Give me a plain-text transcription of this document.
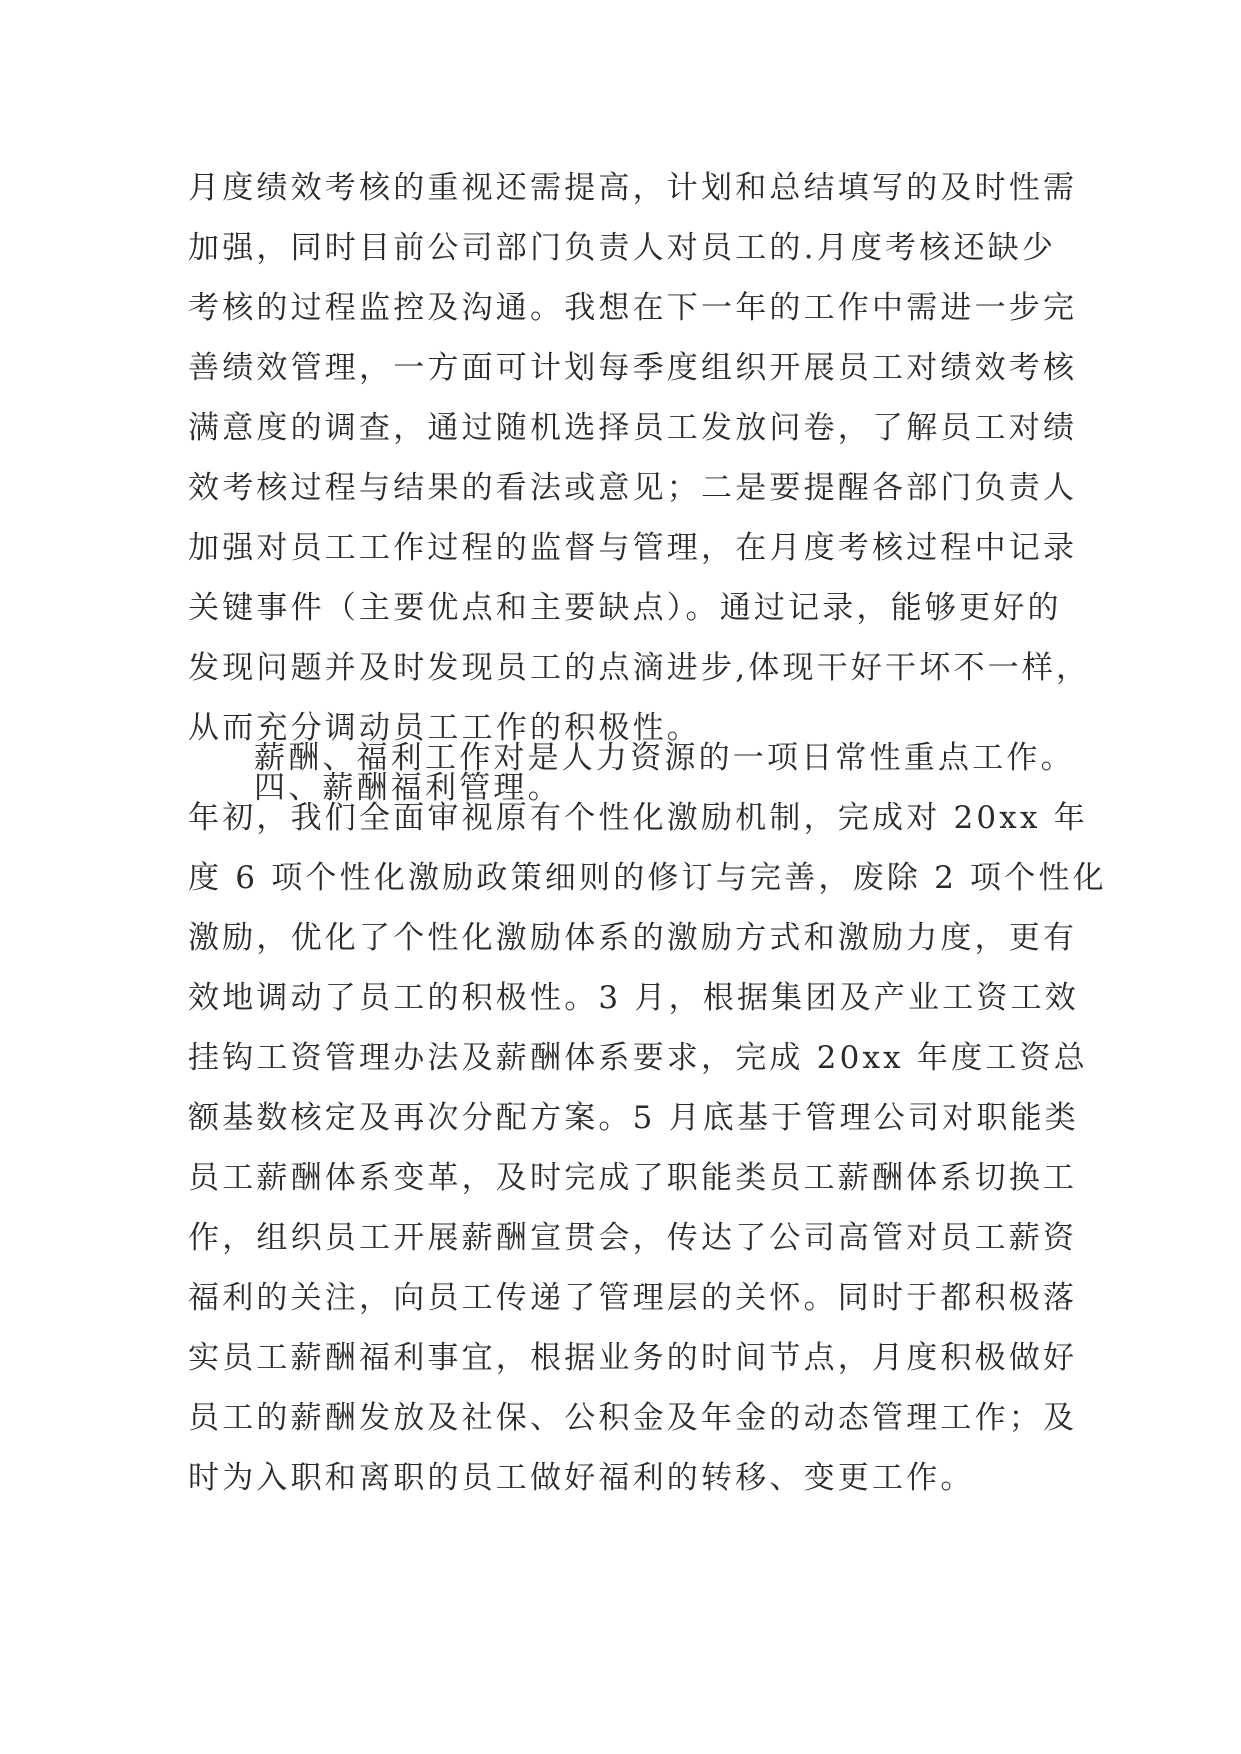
月度绩效考核的重视还需提高，计划和总结填写的及时性需
加强，同时目前公司部门负责人对员工的.月度考核还缺少
考核的过程监控及沟通。我想在下一年的工作中需进一步完
善绩效管理，一方面可计划每季度组织开展员工对绩效考核
满意度的调查，通过随机选择员工发放问卷，了解员工对绩
效考核过程与结果的看法或意见；二是要提醒各部门负责人
加强对员工工作过程的监督与管理，在月度考核过程中记录
关键事件（主要优点和主要缺点）。通过记录，能够更好的
发现问题并及时发现员工的点滴进步,体现干好干坏不一样，
从而充分调动员工工作的积极性。
四、薪酬福利管理。
薪酬、福利工作对是人力资源的一项日常性重点工作。
年初，我们全面审视原有个性化激励机制，完成对 20xx 年
度 6 项个性化激励政策细则的修订与完善，废除 2 项个性化
激励，优化了个性化激励体系的激励方式和激励力度，更有
效地调动了员工的积极性。3 月，根据集团及产业工资工效
挂钩工资管理办法及薪酬体系要求，完成 20xx 年度工资总
额基数核定及再次分配方案。5 月底基于管理公司对职能类
员工薪酬体系变革，及时完成了职能类员工薪酬体系切换工
作，组织员工开展薪酬宣贯会，传达了公司高管对员工薪资
福利的关注，向员工传递了管理层的关怀。同时于都积极落
实员工薪酬福利事宜，根据业务的时间节点，月度积极做好
员工的薪酬发放及社保、公积金及年金的动态管理工作；及
时为入职和离职的员工做好福利的转移、变更工作。
